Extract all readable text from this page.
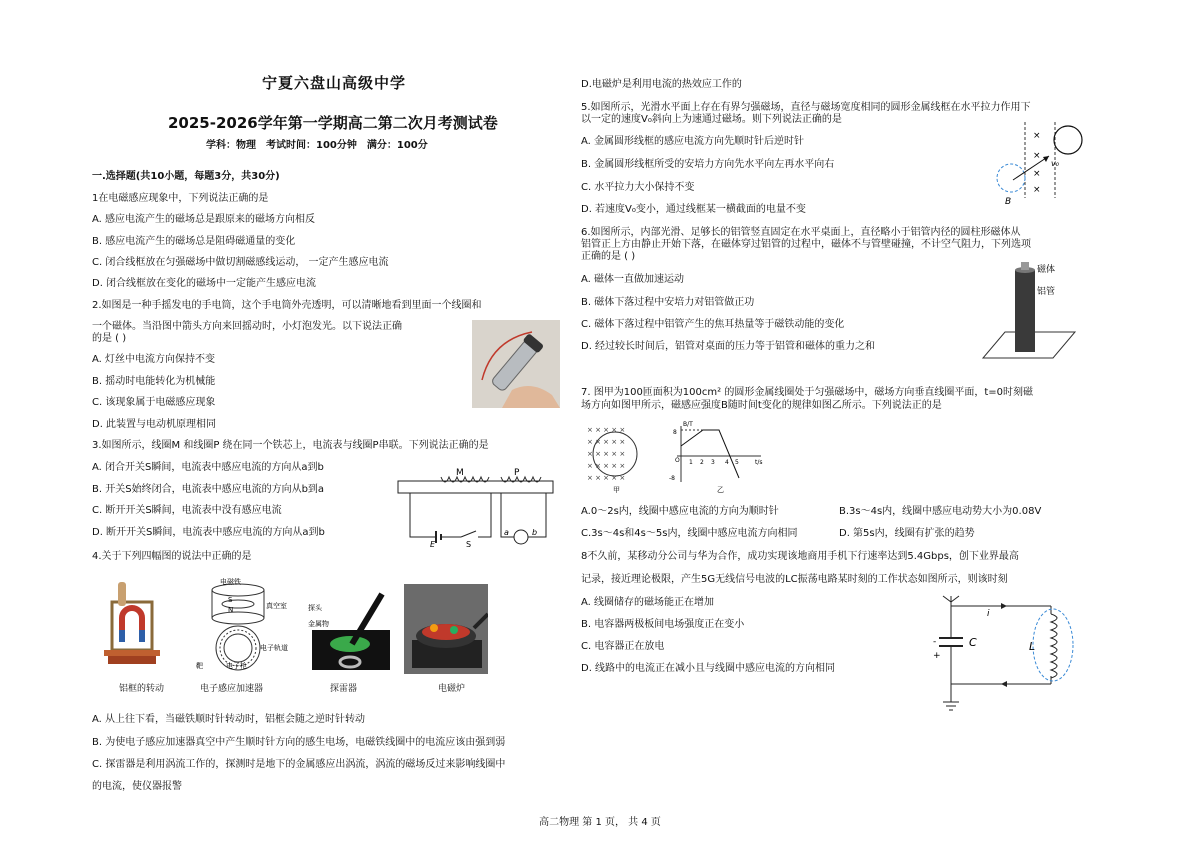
宁夏六盘山高级中学
2025-2026学年第一学期高二第二次月考测试卷
学科：物理　考试时间：100分钟　满分：100分
一.选择题(共10小题，每题3分，共30分)
1在电磁感应现象中，下列说法正确的是
A. 感应电流产生的磁场总是跟原来的磁场方向相反
B. 感应电流产生的磁场总是阻碍磁通量的变化
C. 闭合线框放在匀强磁场中做切割磁感线运动， 一定产生感应电流
D. 闭合线框放在变化的磁场中一定能产生感应电流
2.如图是一种手摇发电的手电筒，这个手电筒外壳透明，可以清晰地看到里面一个线圈和
一个磁体。当沿图中箭头方向来回摇动时，小灯泡发光。以下说法正确
的是 ( )
A. 灯丝中电流方向保持不变
B. 摇动时电能转化为机械能
C. 该现象属于电磁感应现象
D. 此装置与电动机原理相同
3.如图所示，线圈M 和线圈P 绕在同一个铁芯上，电流表与线圈P串联。下列说法正确的是
A. 闭合开关S瞬间，电流表中感应电流的方向从a到b
B. 开关S始终闭合，电流表中感应电流的方向从b到a
C. 断开开关S瞬间，电流表中没有感应电流
D. 断开开关S瞬间，电流表中感应电流的方向从a到b
M	P
E	S
a	b
4.关于下列四幅图的说法中正确的是
铝框的转动
电磁铁
真空室
S
N
电子轨道
靶	电子枪
电子感应加速器
探头
金属物
探雷器	电磁炉
A. 从上往下看，当磁铁顺时针转动时，铝框会随之逆时针转动
B. 为使电子感应加速器真空中产生顺时针方向的感生电场，电磁铁线圈中的电流应该由强到弱
C. 探雷器是利用涡流工作的，探测时是地下的金属感应出涡流，涡流的磁场反过来影响线圈中
的电流，使仪器报警
D.电磁炉是利用电流的热效应工作的
5.如图所示，光滑水平面上存在有界匀强磁场，直径与磁场宽度相同的圆形金属线框在水平拉力作用下
以一定的速度V₀斜向上为速通过磁场。则下列说法正确的是
A. 金属圆形线框的感应电流方向先顺时针后逆时针
B. 金属圆形线框所受的安培力方向先水平向左再水平向右
C. 水平拉力大小保持不变
D. 若速度V₀变小，通过线框某一横截面的电量不变
×
×
×
×
v₀
B
6.如图所示，内部光滑、足够长的铝管竖直固定在水平桌面上，直径略小于铝管内径的圆柱形磁体从
铝管正上方由静止开始下落，在磁体穿过铝管的过程中，磁体不与管壁碰撞，不计空气阻力，下列选项
正确的是 ( )
A. 磁体一直做加速运动
B. 磁体下落过程中安培力对铝管做正功
C. 磁体下落过程中铝管产生的焦耳热量等于磁铁动能的变化
D. 经过较长时间后，铝管对桌面的压力等于铝管和磁体的重力之和
磁体
铝管
7. 图甲为100匝面积为100cm² 的圆形金属线圈处于匀强磁场中，磁场方向垂直线圈平面，t=0时刻磁
场方向如图甲所示，磁感应强度B随时间t变化的规律如图乙所示。下列说法正的是
× × × × ×
× × × × ×
× × × × ×
× × × × ×
× × × × ×
甲
B/T
t/s
8
-8
O 1 2 3 4 5
乙
A.0～2s内，线圈中感应电流的方向为顺时针	B.3s～4s内，线圈中感应电动势大小为0.08V
C.3s～4s和4s～5s内，线圈中感应电流方向相同	D. 第5s内，线圈有扩张的趋势
8不久前，某移动分公司与华为合作，成功实现该地商用手机下行速率达到5.4Gbps，创下业界最高
记录，接近理论极限，产生5G无线信号电波的LC振荡电路某时刻的工作状态如图所示，则该时刻
A. 线圈储存的磁场能正在增加
B. 电容器两极板间电场强度正在变小
C. 电容器正在放电
D. 线路中的电流正在减小且与线圈中感应电流的方向相同
i
C	L
-
+
高二物理 第 1 页， 共 4 页
